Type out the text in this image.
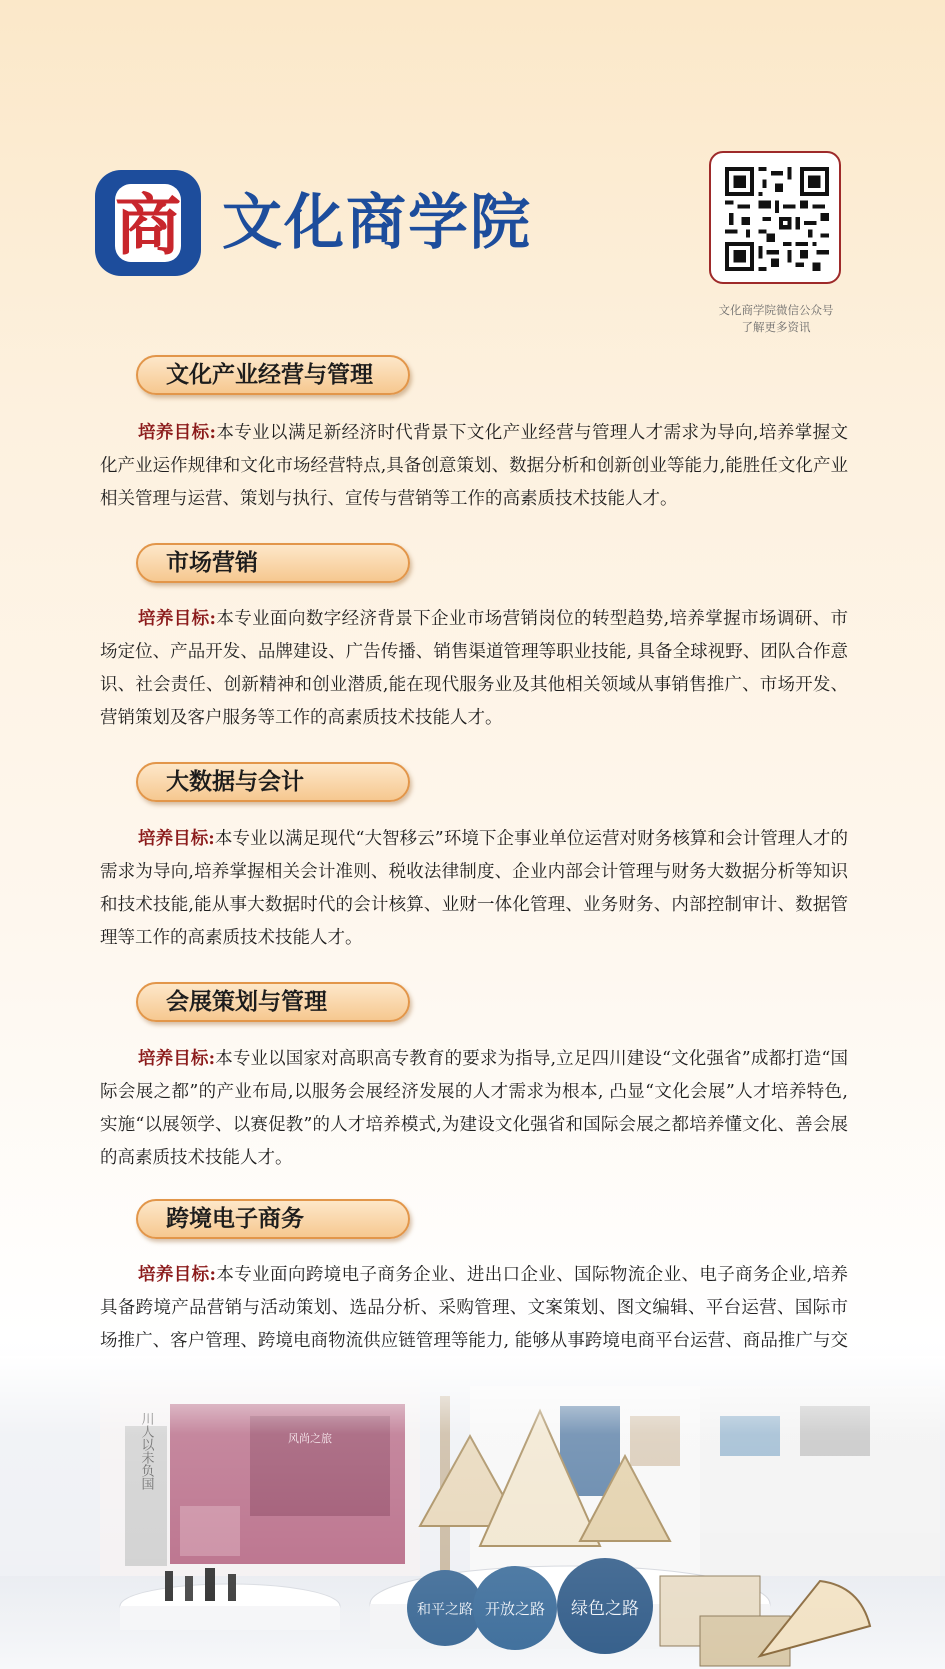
商 文化商学院
文化商学院微信公众号
了解更多资讯
文化产业经营与管理
培养目标:本专业以满足新经济时代背景下文化产业经营与管理人才需求为导向,培养掌握文化产业运作规律和文化市场经营特点,具备创意策划、数据分析和创新创业等能力,能胜任文化产业相关管理与运营、策划与执行、宣传与营销等工作的高素质技术技能人才。
市场营销
培养目标:本专业面向数字经济背景下企业市场营销岗位的转型趋势,培养掌握市场调研、市场定位、产品开发、品牌建设、广告传播、销售渠道管理等职业技能, 具备全球视野、团队合作意识、社会责任、创新精神和创业潜质,能在现代服务业及其他相关领域从事销售推广、市场开发、营销策划及客户服务等工作的高素质技术技能人才。
大数据与会计
培养目标:本专业以满足现代“大智移云”环境下企事业单位运营对财务核算和会计管理人才的需求为导向,培养掌握相关会计准则、税收法律制度、企业内部会计管理与财务大数据分析等知识和技术技能,能从事大数据时代的会计核算、业财一体化管理、业务财务、内部控制审计、数据管理等工作的高素质技术技能人才。
会展策划与管理
培养目标:本专业以国家对高职高专教育的要求为指导,立足四川建设“文化强省”成都打造“国际会展之都”的产业布局,以服务会展经济发展的人才需求为根本, 凸显“文化会展”人才培养特色,实施“以展领学、以赛促教”的人才培养模式,为建设文化强省和国际会展之都培养懂文化、善会展的高素质技术技能人才。
跨境电子商务
培养目标:本专业面向跨境电子商务企业、进出口企业、国际物流企业、电子商务企业,培养具备跨境产品营销与活动策划、选品分析、采购管理、文案策划、图文编辑、平台运营、国际市场推广、客户管理、跨境电商物流供应链管理等能力, 能够从事跨境电商平台运营、商品推广与交
